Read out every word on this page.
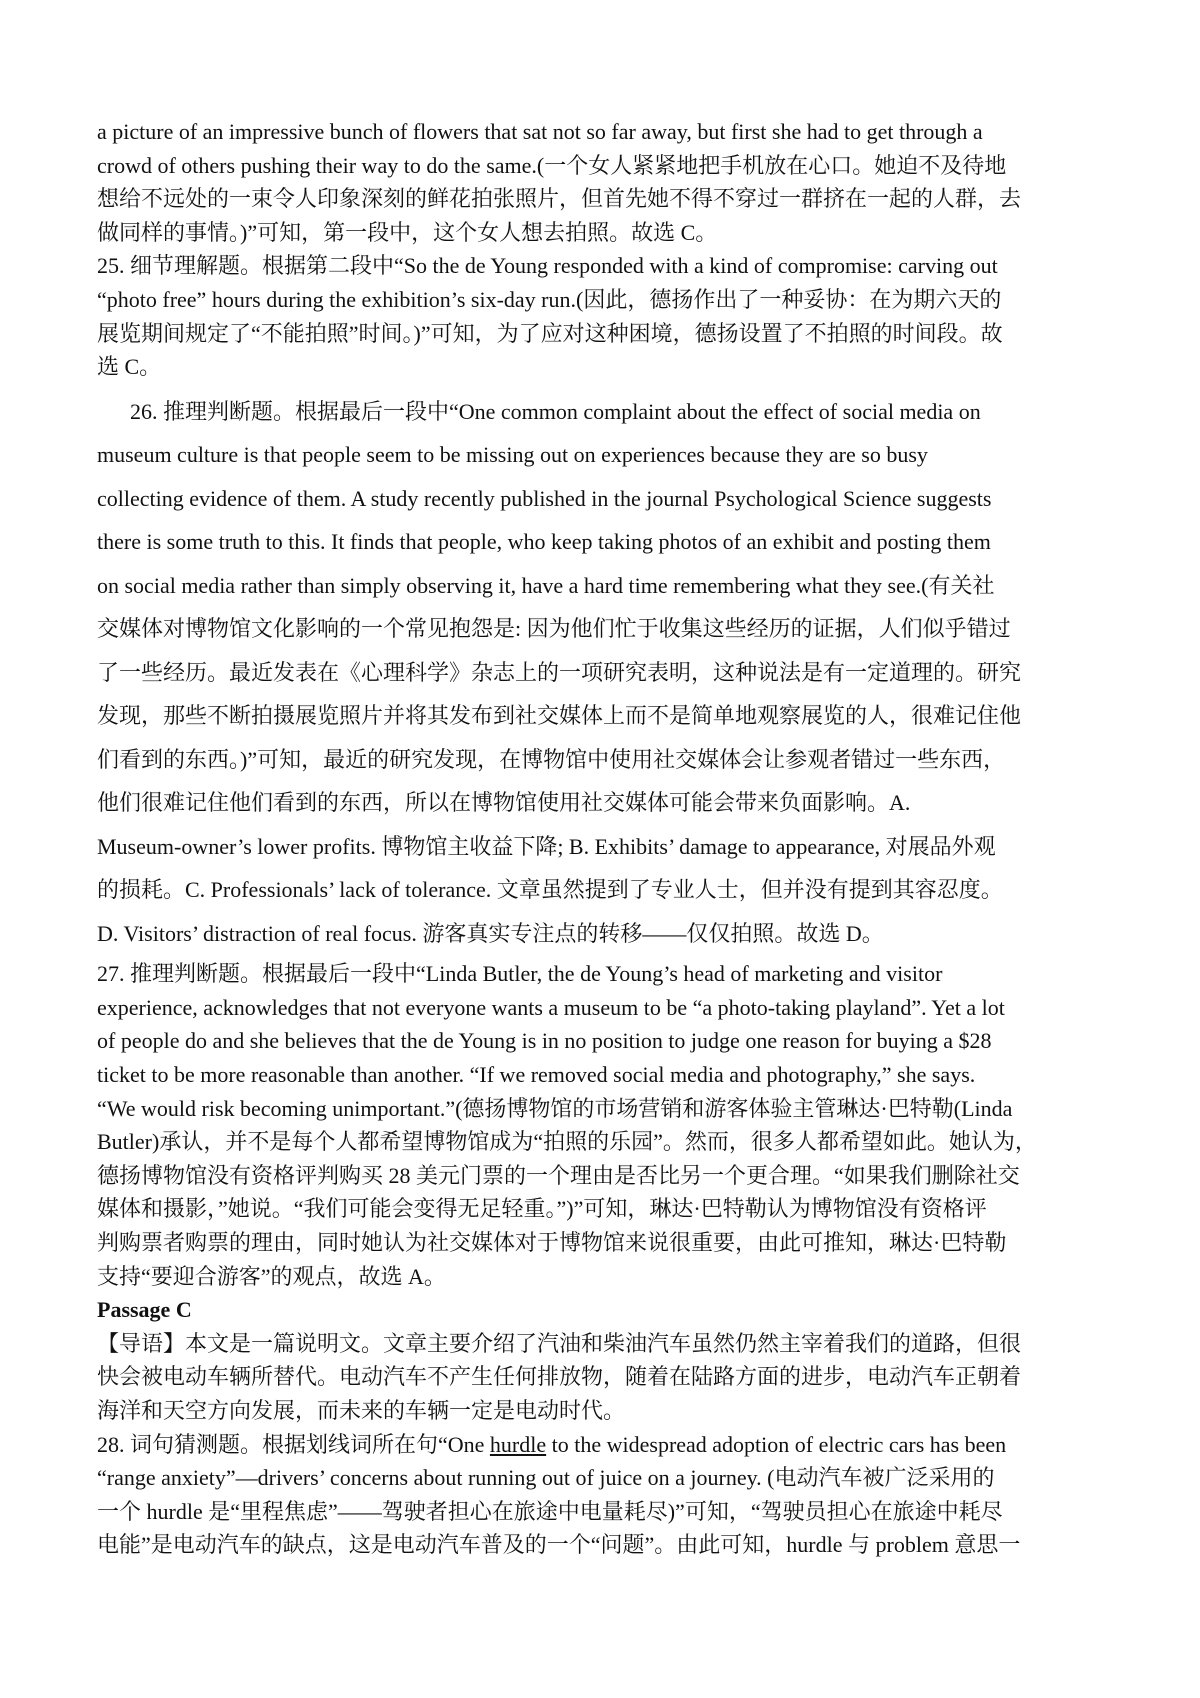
a picture of an impressive bunch of flowers that sat not so far away, but first she had to get through a

crowd of others pushing their way to do the same.(一个女人紧紧地把手机放在心口。她迫不及待地

想给不远处的一束令人印象深刻的鲜花拍张照片，但首先她不得不穿过一群挤在一起的人群，去

做同样的事情。)”可知，第一段中，这个女人想去拍照。故选 C。

25. 细节理解题。根据第二段中“So the de Young responded with a kind of compromise: carving out

“photo free” hours during the exhibition’s six-day run.(因此，德扬作出了一种妥协：在为期六天的

展览期间规定了“不能拍照”时间。)”可知，为了应对这种困境，德扬设置了不拍照的时间段。故

选 C。

26. 推理判断题。根据最后一段中“One common complaint about the effect of social media on

museum culture is that people seem to be missing out on experiences because they are so busy

collecting evidence of them. A study recently published in the journal Psychological Science suggests

there is some truth to this. It finds that people, who keep taking photos of an exhibit and posting them

on social media rather than simply observing it, have a hard time remembering what they see.(有关社

交媒体对博物馆文化影响的一个常见抱怨是: 因为他们忙于收集这些经历的证据，人们似乎错过

了一些经历。最近发表在《心理科学》杂志上的一项研究表明，这种说法是有一定道理的。研究

发现，那些不断拍摄展览照片并将其发布到社交媒体上而不是简单地观察展览的人，很难记住他

们看到的东西。)”可知，最近的研究发现，在博物馆中使用社交媒体会让参观者错过一些东西，

他们很难记住他们看到的东西，所以在博物馆使用社交媒体可能会带来负面影响。A.

Museum-owner’s lower profits. 博物馆主收益下降; B. Exhibits’ damage to appearance, 对展品外观

的损耗。C. Professionals’ lack of tolerance. 文章虽然提到了专业人士，但并没有提到其容忍度。

D. Visitors’ distraction of real focus. 游客真实专注点的转移——仅仅拍照。故选 D。

27. 推理判断题。根据最后一段中“Linda Butler, the de Young’s head of marketing and visitor

experience, acknowledges that not everyone wants a museum to be “a photo-taking playland”. Yet a lot

of people do and she believes that the de Young is in no position to judge one reason for buying a $28

ticket to be more reasonable than another. “If we removed social media and photography,” she says.

“We would risk becoming unimportant.”(德扬博物馆的市场营销和游客体验主管琳达·巴特勒(Linda

Butler)承认，并不是每个人都希望博物馆成为“拍照的乐园”。然而，很多人都希望如此。她认为，

德扬博物馆没有资格评判购买 28 美元门票的一个理由是否比另一个更合理。“如果我们删除社交

媒体和摄影，”她说。“我们可能会变得无足轻重。”)”可知，琳达·巴特勒认为博物馆没有资格评

判购票者购票的理由，同时她认为社交媒体对于博物馆来说很重要，由此可推知，琳达·巴特勒

支持“要迎合游客”的观点，故选 A。

Passage C

【导语】本文是一篇说明文。文章主要介绍了汽油和柴油汽车虽然仍然主宰着我们的道路，但很

快会被电动车辆所替代。电动汽车不产生任何排放物，随着在陆路方面的进步，电动汽车正朝着

海洋和天空方向发展，而未来的车辆一定是电动时代。

28. 词句猜测题。根据划线词所在句“One hurdle to the widespread adoption of electric cars has been

“range anxiety”—drivers’ concerns about running out of juice on a journey. (电动汽车被广泛采用的

一个 hurdle 是“里程焦虑”——驾驶者担心在旅途中电量耗尽)”可知，“驾驶员担心在旅途中耗尽

电能”是电动汽车的缺点，这是电动汽车普及的一个“问题”。由此可知，hurdle 与 problem 意思一
